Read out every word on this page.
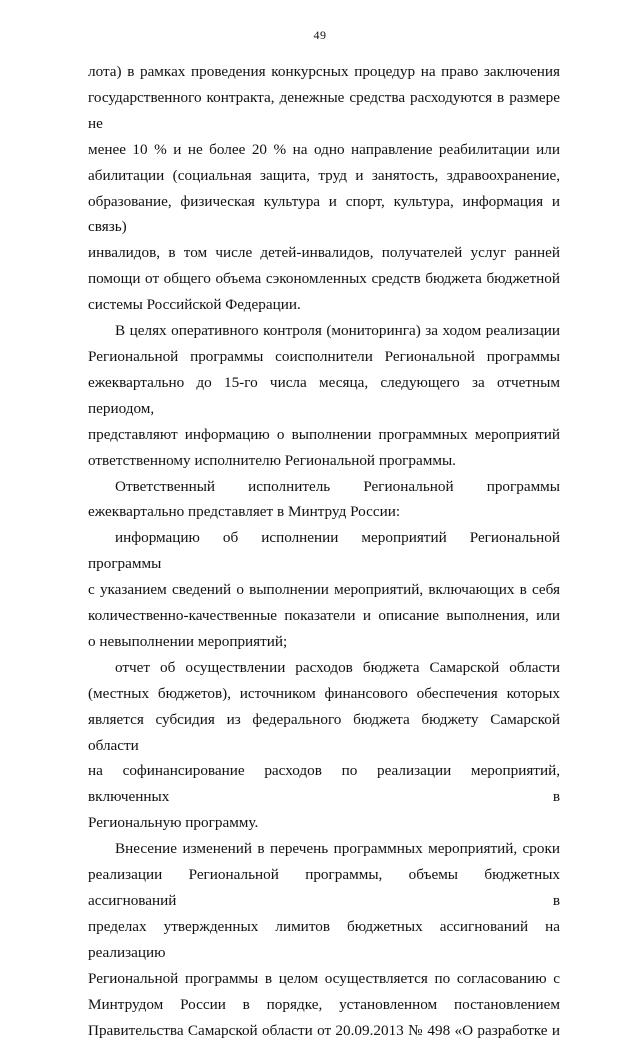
49

лота) в рамках проведения конкурсных процедур на право заключения
государственного контракта, денежные средства расходуются в размере не
менее 10 % и не более 20 % на одно направление реабилитации или
абилитации (социальная защита, труд и занятость, здравоохранение,
образование, физическая культура и спорт, культура, информация и связь)
инвалидов, в том числе детей-инвалидов, получателей услуг ранней
помощи от общего объема сэкономленных средств бюджета бюджетной
системы Российской Федерации.

В целях оперативного контроля (мониторинга) за ходом реализации
Региональной программы соисполнители Региональной программы
ежеквартально до 15-го числа месяца, следующего за отчетным периодом,
представляют информацию о выполнении программных мероприятий
ответственному исполнителю Региональной программы.

Ответственный исполнитель Региональной программы
ежеквартально представляет в Минтруд России:

информацию об исполнении мероприятий Региональной программы
с указанием сведений о выполнении мероприятий, включающих в себя
количественно-качественные показатели и описание выполнения, или
о невыполнении мероприятий;

отчет об осуществлении расходов бюджета Самарской области
(местных бюджетов), источником финансового обеспечения которых
является субсидия из федерального бюджета бюджету Самарской области
на софинансирование расходов по реализации мероприятий, включенных в
Региональную программу.

Внесение изменений в перечень программных мероприятий, сроки
реализации Региональной программы, объемы бюджетных ассигнований в
пределах утвержденных лимитов бюджетных ассигнований на реализацию
Региональной программы в целом осуществляется по согласованию с
Минтрудом России в порядке, установленном постановлением
Правительства Самарской области от 20.09.2013 № 498 «О разработке и
